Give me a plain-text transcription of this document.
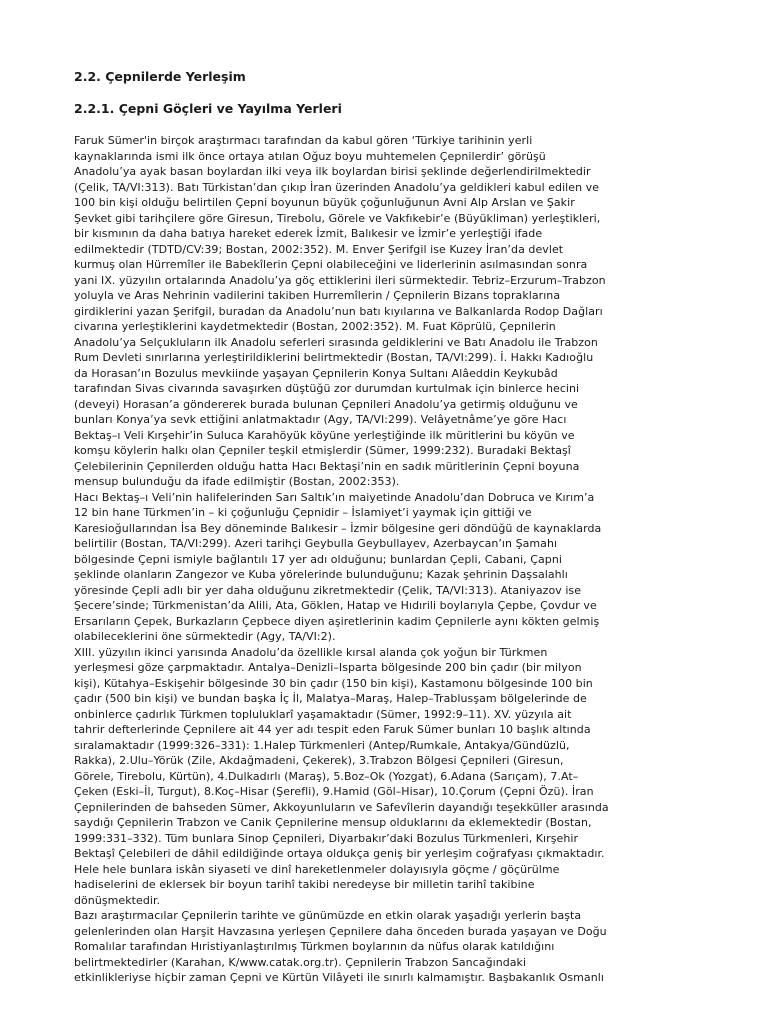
2.2. Çepnilerde Yerleşim
2.2.1. Çepni Göçleri ve Yayılma Yerleri
Faruk Sümer'in birçok araştırmacı tarafından da kabul gören ‘Türkiye tarihinin yerli
kaynaklarında ismi ilk önce ortaya atılan Oğuz boyu muhtemelen Çepnilerdir’ görüşü
Anadolu’ya ayak basan boylardan ilki veya ilk boylardan birisi şeklinde değerlendirilmektedir
(Çelik, TA/VI:313). Batı Türkistan’dan çıkıp İran üzerinden Anadolu’ya geldikleri kabul edilen ve
100 bin kişi olduğu belirtilen Çepni boyunun büyük çoğunluğunun Avni Alp Arslan ve Şakir
Şevket gibi tarihçilere göre Giresun, Tirebolu, Görele ve Vakfıkebir’e (Büyükliman) yerleştikleri,
bir kısmının da daha batıya hareket ederek İzmit, Balıkesir ve İzmir’e yerleştiği ifade
edilmektedir (TDTD/CV:39; Bostan, 2002:352). M. Enver Şerifgil ise Kuzey İran’da devlet
kurmuş olan Hürremîler ile Babekîlerin Çepni olabileceğini ve liderlerinin asılmasından sonra
yani IX. yüzyılın ortalarında Anadolu’ya göç ettiklerini ileri sürmektedir. Tebriz–Erzurum–Trabzon
yoluyla ve Aras Nehrinin vadilerini takiben Hurremîlerin / Çepnilerin Bizans topraklarına
girdiklerini yazan Şerifgil, buradan da Anadolu’nun batı kıyılarına ve Balkanlarda Rodop Dağları
civarına yerleştiklerini kaydetmektedir (Bostan, 2002:352). M. Fuat Köprülü, Çepnilerin
Anadolu’ya Selçukluların ilk Anadolu seferleri sırasında geldiklerini ve Batı Anadolu ile Trabzon
Rum Devleti sınırlarına yerleştirildiklerini belirtmektedir (Bostan, TA/VI:299). İ. Hakkı Kadıoğlu
da Horasan’ın Bozulus mevkiinde yaşayan Çepnilerin Konya Sultanı Alâeddin Keykubâd
tarafından Sivas civarında savaşırken düştüğü zor durumdan kurtulmak için binlerce hecini
(deveyi) Horasan’a göndererek burada bulunan Çepnileri Anadolu’ya getirmiş olduğunu ve
bunları Konya’ya sevk ettiğini anlatmaktadır (Agy, TA/VI:299). Velâyetnâme’ye göre Hacı
Bektaş–ı Veli Kırşehir’in Suluca Karahöyük köyüne yerleştiğinde ilk müritlerini bu köyün ve
komşu köylerin halkı olan Çepniler teşkil etmişlerdir (Sümer, 1999:232). Buradaki Bektaşî
Çelebilerinin Çepnilerden olduğu hatta Hacı Bektaşi’nin en sadık müritlerinin Çepni boyuna
mensup bulunduğu da ifade edilmiştir (Bostan, 2002:353).
Hacı Bektaş–ı Veli’nin halifelerinden Sarı Saltık’ın maiyetinde Anadolu’dan Dobruca ve Kırım’a
12 bin hane Türkmen’in – ki çoğunluğu Çepnidir – İslamiyet’i yaymak için gittiği ve
Karesioğullarından İsa Bey döneminde Balıkesir – İzmir bölgesine geri döndüğü de kaynaklarda
belirtilir (Bostan, TA/VI:299). Azeri tarihçi Geybulla Geybullayev, Azerbaycan’ın Şamahı
bölgesinde Çepni ismiyle bağlantılı 17 yer adı olduğunu; bunlardan Çepli, Cabani, Çapni
şeklinde olanların Zangezor ve Kuba yörelerinde bulunduğunu; Kazak şehrinin Daşsalahlı
yöresinde Çepli adlı bir yer daha olduğunu zikretmektedir (Çelik, TA/VI:313). Ataniyazov ise
Şecere’sinde; Türkmenistan’da Alili, Ata, Göklen, Hatap ve Hıdırili boylarıyla Çepbe, Çovdur ve
Ersarıların Çepek, Burkazların Çepbece diyen aşiretlerinin kadim Çepnilerle aynı kökten gelmiş
olabileceklerini öne sürmektedir (Agy, TA/VI:2).
XIII. yüzyılın ikinci yarısında Anadolu’da özellikle kırsal alanda çok yoğun bir Türkmen
yerleşmesi göze çarpmaktadır. Antalya–Denizli–Isparta bölgesinde 200 bin çadır (bir milyon
kişi), Kütahya–Eskişehir bölgesinde 30 bin çadır (150 bin kişi), Kastamonu bölgesinde 100 bin
çadır (500 bin kişi) ve bundan başka İç İl, Malatya–Maraş, Halep–Trablusşam bölgelerinde de
onbinlerce çadırlık Türkmen topluluklarî yaşamaktadır (Sümer, 1992:9–11). XV. yüzyıla ait
tahrir defterlerinde Çepnilere ait 44 yer adı tespit eden Faruk Sümer bunları 10 başlık altında
sıralamaktadır (1999:326–331): 1.Halep Türkmenleri (Antep/Rumkale, Antakya/Gündüzlü,
Rakka), 2.Ulu–Yörük (Zile, Akdağmadeni, Çekerek), 3.Trabzon Bölgesi Çepnileri (Giresun,
Görele, Tirebolu, Kürtün), 4.Dulkadırlı (Maraş), 5.Boz–Ok (Yozgat), 6.Adana (Sarıçam), 7.At–
Çeken (Eski–İl, Turgut), 8.Koç–Hisar (Şerefli), 9.Hamid (Göl–Hisar), 10.Çorum (Çepni Özü). İran
Çepnilerinden de bahseden Sümer, Akkoyunluların ve Safevîlerin dayandığı teşekküller arasında
saydığı Çepnilerin Trabzon ve Canik Çepnilerine mensup olduklarını da eklemektedir (Bostan,
1999:331–332). Tüm bunlara Sinop Çepnileri, Diyarbakır’daki Bozulus Türkmenleri, Kırşehir
Bektaşî Çelebileri de dâhil edildiğinde ortaya oldukça geniş bir yerleşim coğrafyası çıkmaktadır.
Hele hele bunlara iskân siyaseti ve dinî hareketlenmeler dolayısıyla göçme / göçürülme
hadiselerini de eklersek bir boyun tarihî takibi neredeyse bir milletin tarihî takibine
dönüşmektedir.
Bazı araştırmacılar Çepnilerin tarihte ve günümüzde en etkin olarak yaşadığı yerlerin başta
gelenlerinden olan Harşit Havzasına yerleşen Çepnilere daha önceden burada yaşayan ve Doğu
Romalılar tarafından Hıristiyanlaştırılmış Türkmen boylarının da nüfus olarak katıldığını
belirtmektedirler (Karahan, K/www.catak.org.tr). Çepnilerin Trabzon Sancağındaki
etkinlikleriyse hiçbir zaman Çepni ve Kürtün Vilâyeti ile sınırlı kalmamıştır. Başbakanlık Osmanlı
